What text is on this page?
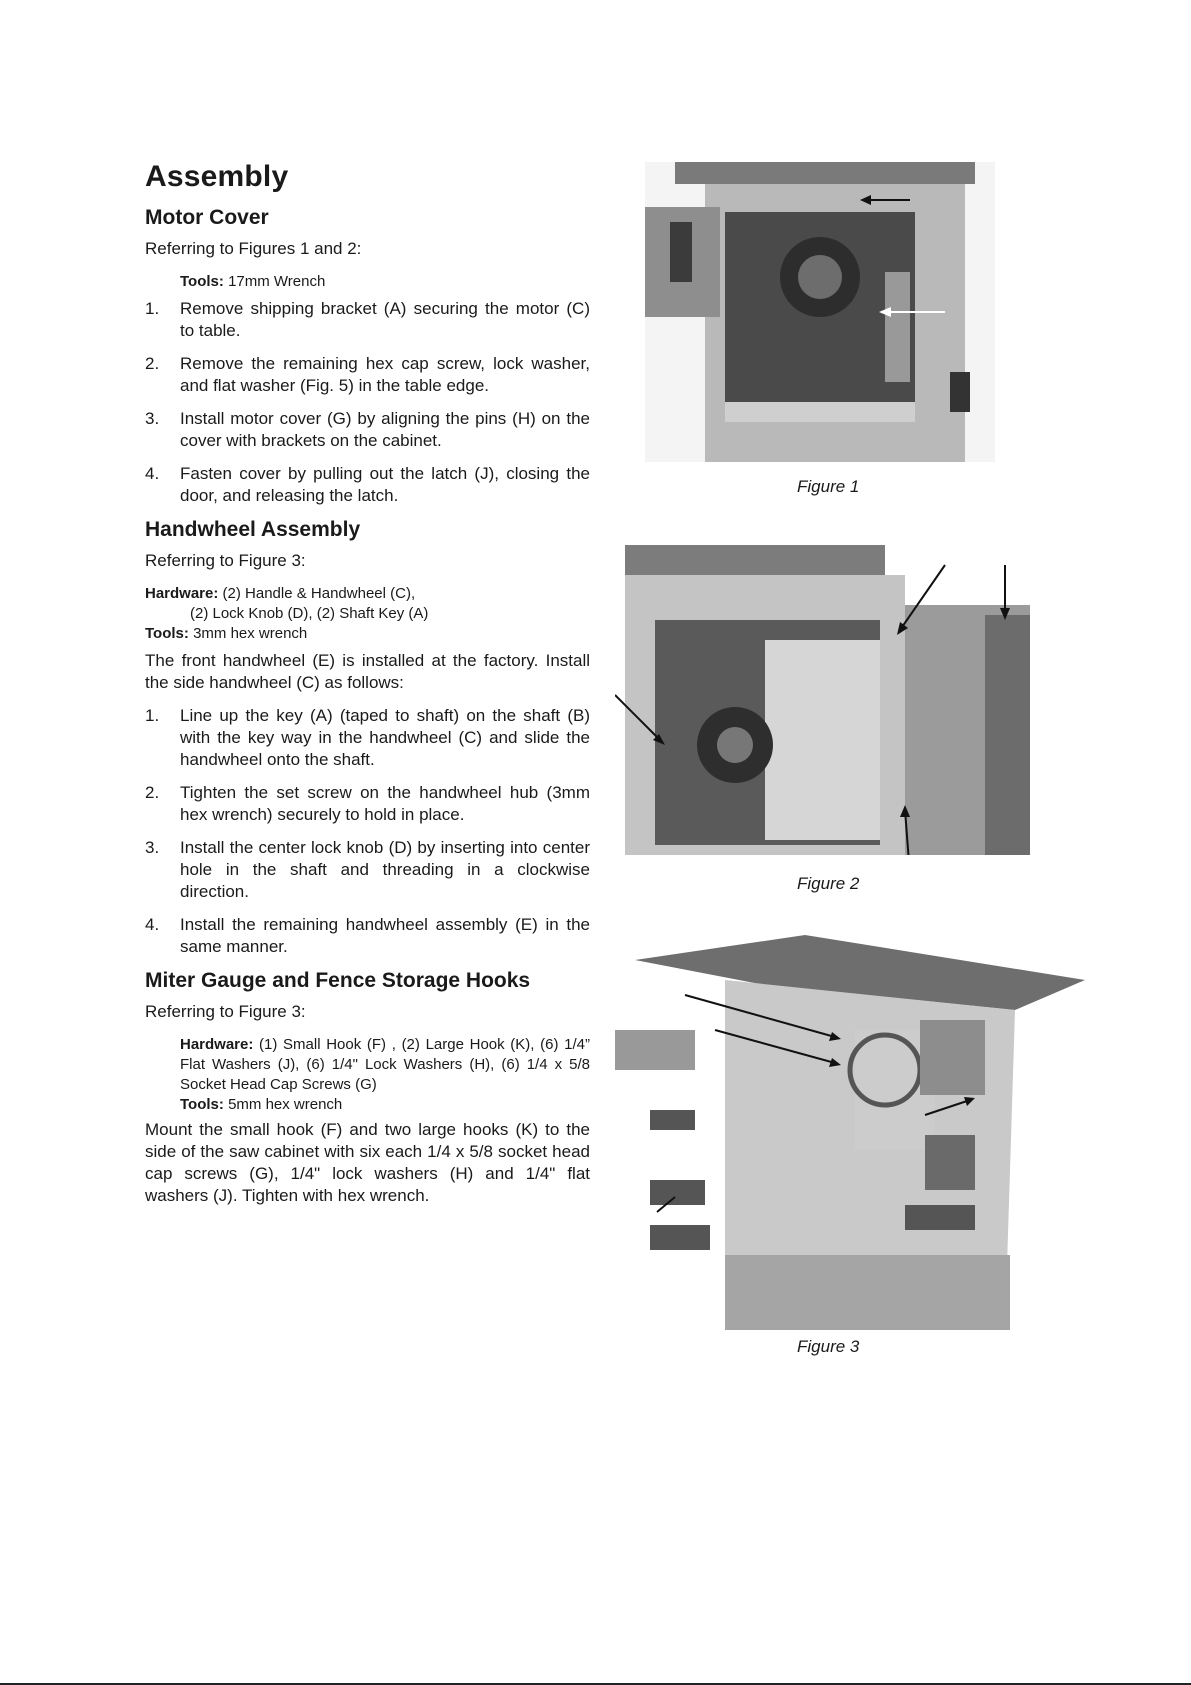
Assembly
Motor Cover

Referring to Figures 1 and 2:

Tools: 17mm Wrench
1.	Remove shipping bracket (A) securing the motor (C) to table.
2.	Remove the remaining hex cap screw, lock washer, and flat washer (Fig. 5) in the table edge.
3.	Install motor cover (G) by aligning the pins (H) on the cover with brackets on the cabinet.
4.	Fasten cover by pulling out the latch (J), closing the door, and releasing the latch.
Handwheel Assembly

Referring to Figure 3:

Hardware: (2) Handle & Handwheel (C),
(2) Lock Knob (D), (2) Shaft Key (A)
Tools: 3mm hex wrench

The front handwheel (E) is installed at the factory. Install the side handwheel (C) as follows:

1.	Line up the key (A) (taped to shaft) on the shaft (B) with the key way in the handwheel (C) and slide the handwheel onto the shaft.
2.	Tighten the set screw on the handwheel hub (3mm hex wrench) securely to hold in place.
3.	Install the center lock knob (D) by inserting into center hole in the shaft and threading in a clockwise direction.
4.	Install the remaining handwheel assembly (E) in the same manner.
Miter Gauge and Fence Storage Hooks

Referring to Figure 3:

Hardware: (1) Small Hook (F) , (2) Large Hook (K), (6) 1/4” Flat Washers (J), (6) 1/4" Lock Washers (H), (6) 1/4 x 5/8 Socket Head Cap Screws (G)
Tools: 5mm hex wrench

Mount the small hook (F) and two large hooks (K) to the side of the saw cabinet with six each 1/4 x 5/8 socket head cap screws (G), 1/4" lock washers (H) and 1/4" flat washers (J). Tighten with hex wrench.

Figure 1
Figure 2
Figure 3
